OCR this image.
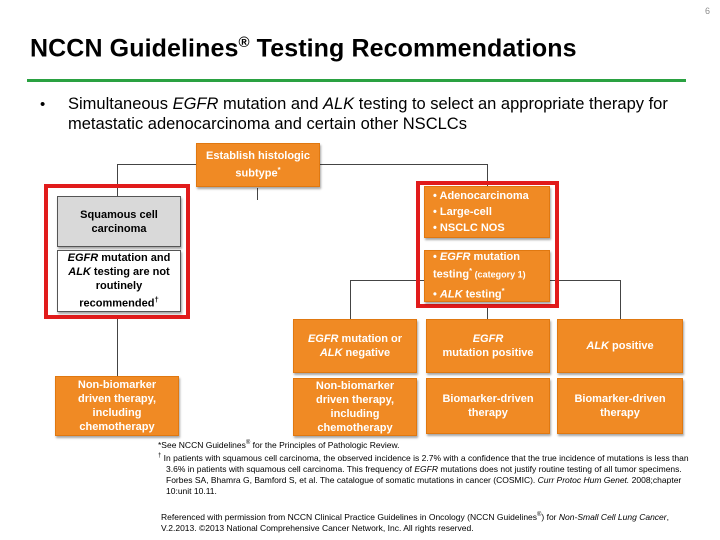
6
NCCN Guidelines® Testing Recommendations
• Simultaneous EGFR mutation and ALK testing to select an appropriate therapy for metastatic adenocarcinoma and certain other NSCLCs
Establish histologic
subtype*
Squamous cell carcinoma
EGFR mutation and ALK testing are not routinely recommended†
• Adenocarcinoma
• Large-cell
• NSCLC NOS
• EGFR mutation testing* (category 1)
• ALK testing*
EGFR mutation or ALK negative
EGFR
mutation positive
ALK positive
Non-biomarker driven therapy, including chemotherapy
Non-biomarker driven therapy, including chemotherapy
Biomarker-driven therapy
Biomarker-driven therapy
*See NCCN Guidelines® for the Principles of Pathologic Review.
† In patients with squamous cell carcinoma, the observed incidence is 2.7% with a confidence that the true incidence of mutations is less than 3.6% in patients with squamous cell carcinoma. This frequency of EGFR mutations does not justify routine testing of all tumor specimens. Forbes SA, Bhamra G, Bamford S, et al. The catalogue of somatic mutations in cancer (COSMIC). Curr Protoc Hum Genet. 2008;chapter 10:unit 10.11.
Referenced with permission from NCCN Clinical Practice Guidelines in Oncology (NCCN Guidelines®) for Non-Small Cell Lung Cancer, V.2.2013. ©2013 National Comprehensive Cancer Network, Inc. All rights reserved.
